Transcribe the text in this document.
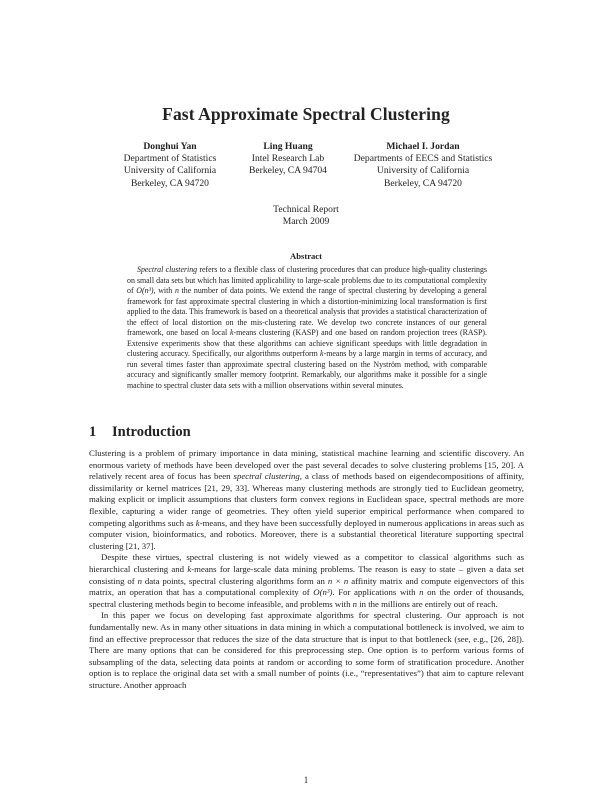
Fast Approximate Spectral Clustering
Donghui Yan
Department of Statistics
University of California
Berkeley, CA 94720
Ling Huang
Intel Research Lab
Berkeley, CA 94704
Michael I. Jordan
Departments of EECS and Statistics
University of California
Berkeley, CA 94720
Technical Report
March 2009
Abstract

Spectral clustering refers to a flexible class of clustering procedures that can produce high-quality clusterings on small data sets but which has limited applicability to large-scale problems due to its computational complexity of O(n³), with n the number of data points. We extend the range of spectral clustering by developing a general framework for fast approximate spectral clustering in which a distortion-minimizing local transformation is first applied to the data. This framework is based on a theoretical analysis that provides a statistical characterization of the effect of local distortion on the mis-clustering rate. We develop two concrete instances of our general framework, one based on local k-means clustering (KASP) and one based on random projection trees (RASP). Extensive experiments show that these algorithms can achieve significant speedups with little degradation in clustering accuracy. Specifically, our algorithms outperform k-means by a large margin in terms of accuracy, and run several times faster than approximate spectral clustering based on the Nyström method, with comparable accuracy and significantly smaller memory footprint. Remarkably, our algorithms make it possible for a single machine to spectral cluster data sets with a million observations within several minutes.

1 Introduction

Clustering is a problem of primary importance in data mining, statistical machine learning and scientific discovery. An enormous variety of methods have been developed over the past several decades to solve clustering problems [15, 20]. A relatively recent area of focus has been spectral clustering, a class of methods based on eigendecompositions of affinity, dissimilarity or kernel matrices [21, 29, 33]. Whereas many clustering methods are strongly tied to Euclidean geometry, making explicit or implicit assumptions that clusters form convex regions in Euclidean space, spectral methods are more flexible, capturing a wider range of geometries. They often yield superior empirical performance when compared to competing algorithms such as k-means, and they have been successfully deployed in numerous applications in areas such as computer vision, bioinformatics, and robotics. Moreover, there is a substantial theoretical literature supporting spectral clustering [21, 37].

Despite these virtues, spectral clustering is not widely viewed as a competitor to classical algorithms such as hierarchical clustering and k-means for large-scale data mining problems. The reason is easy to state – given a data set consisting of n data points, spectral clustering algorithms form an n × n affinity matrix and compute eigenvectors of this matrix, an operation that has a computational complexity of O(n³). For applications with n on the order of thousands, spectral clustering methods begin to become infeasible, and problems with n in the millions are entirely out of reach.

In this paper we focus on developing fast approximate algorithms for spectral clustering. Our approach is not fundamentally new. As in many other situations in data mining in which a computational bottleneck is involved, we aim to find an effective preprocessor that reduces the size of the data structure that is input to that bottleneck (see, e.g., [26, 28]). There are many options that can be considered for this preprocessing step. One option is to perform various forms of subsampling of the data, selecting data points at random or according to some form of stratification procedure. Another option is to replace the original data set with a small number of points (i.e., “representatives”) that aim to capture relevant structure. Another approach

1
